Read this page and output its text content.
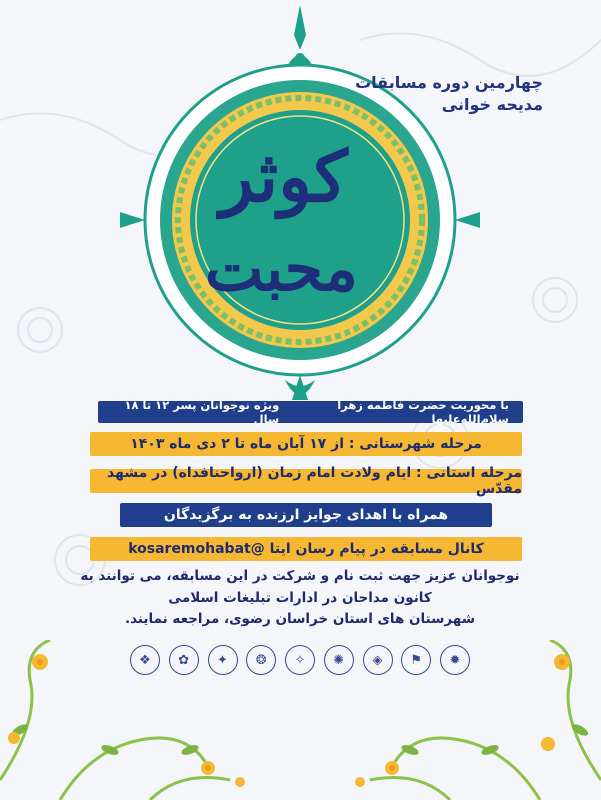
کوثر
محبت
چهارمین دوره مسابقات
مدیحه خوانی
با محوریت حضرت فاطمه زهرا سلام‌الله‌علیها
ویژه نوجوانان پسر ۱۲ تا ۱۸ سال
مرحله شهرستانی : از ۱۷ آبان ماه تا ۲ دی ماه ۱۴۰۳
مرحله استانی : ایام ولادت امام زمان (ارواحنافداه) در مشهد مقدّس
همراه با اهدای جوایز ارزنده به برگزیدگان
کانال مسابقه در پیام رسان ایتا @kosaremohabat
نوجوانان عزیز جهت ثبت نام و شرکت در این مسابقه، می توانند به
کانون مداحان در ادارات تبلیغات اسلامی
شهرستان های استان خراسان رضوی، مراجعه نمایند.
❖ ✿ ✦ ❂ ✧ ✺ ◈ ⚑ ✹
